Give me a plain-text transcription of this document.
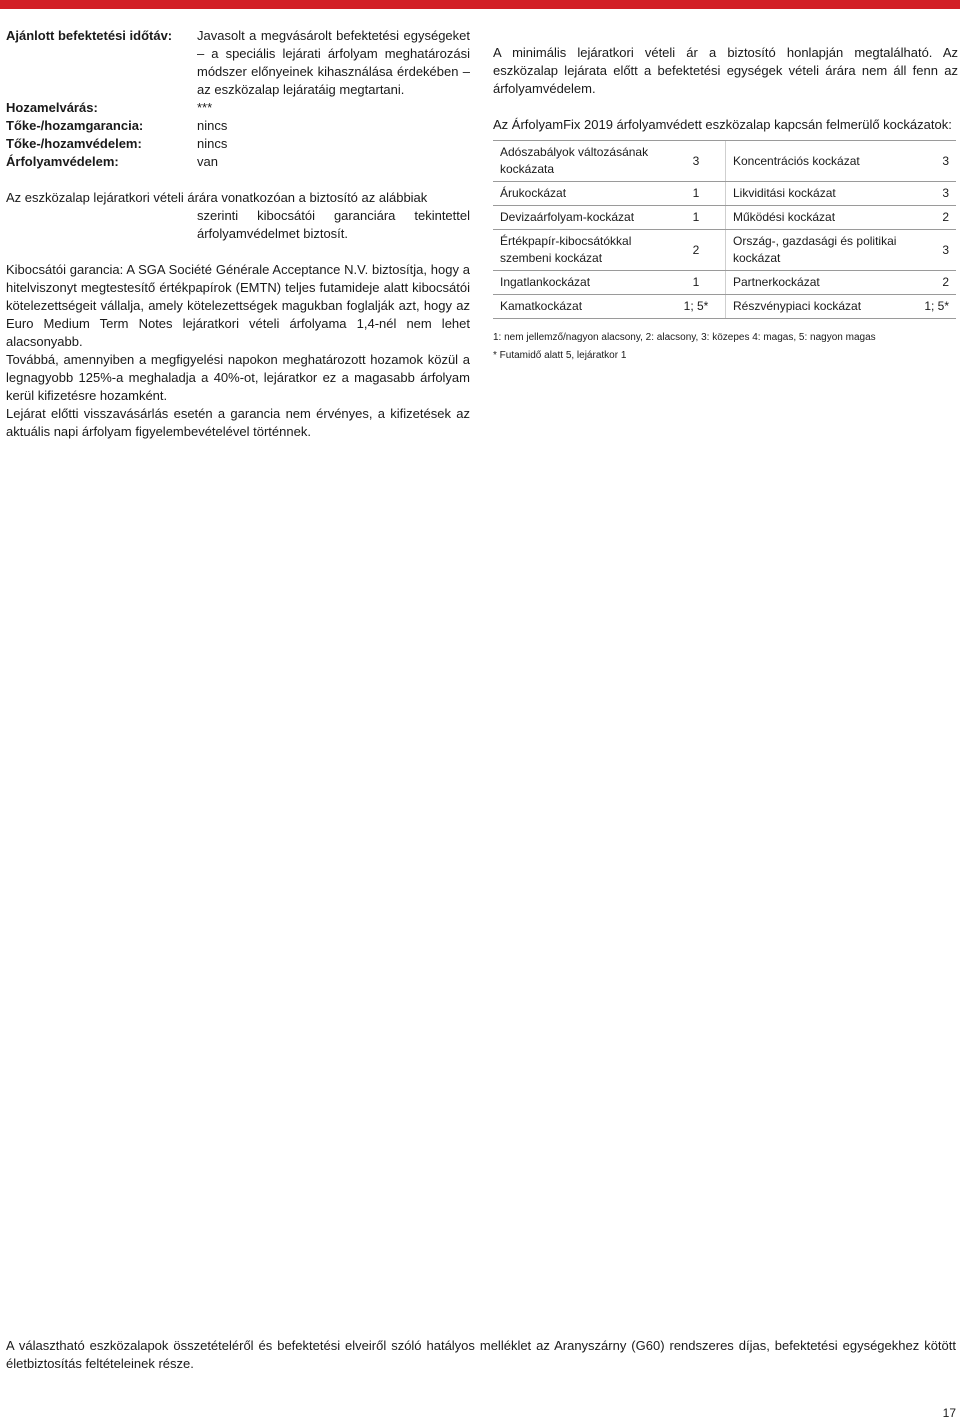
Ajánlott befektetési időtáv:	Javasolt a megvásárolt befektetési egységeket – a speciális lejárati árfolyam meghatározási módszer előnyeinek kihasználása érdekében – az eszközalap lejáratáig megtartani.
Hozamelvárás:	***
Tőke-/hozamgarancia:	nincs
Tőke-/hozamvédelem:	nincs
Árfolyamvédelem:	van
Az eszközalap lejáratkori vételi árára vonatkozóan a biztosító az alábbiak
szerinti kibocsátói garanciára tekintettel árfolyamvédelmet biztosít.

Kibocsátói garancia: A SGA Société Générale Acceptance N.V. biztosítja, hogy a hitelviszonyt megtestesítő értékpapírok (EMTN) teljes futamideje alatt kibocsátói kötelezettségeit vállalja, amely kötelezettségek magukban foglalják azt, hogy az Euro Medium Term Notes lejáratkori vételi árfolyama 1,4-nél nem lehet alacsonyabb.

Továbbá, amennyiben a megfigyelési napokon meghatározott hozamok közül a legnagyobb 125%-a meghaladja a 40%-ot, lejáratkor ez a magasabb árfolyam kerül kifizetésre hozamként.

Lejárat előtti visszavásárlás esetén a garancia nem érvényes, a kifizetések az aktuális napi árfolyam figyelembevételével történnek.

A minimális lejáratkori vételi ár a biztosító honlapján megtalálható. Az eszközalap lejárata előtt a befektetési egységek vételi árára nem áll fenn az árfolyamvédelem.

Az ÁrfolyamFix 2019 árfolyamvédett eszközalap kapcsán felmerülő kockázatok:

Adószabályok változásának kockázata	3	Koncentrációs kockázat	3
Árukockázat	1	Likviditási kockázat	3
Devizaárfolyam-kockázat	1	Működési kockázat	2
Értékpapír-kibocsátókkal szembeni kockázat	2	Ország-, gazdasági és politikai kockázat	3
Ingatlankockázat	1	Partnerkockázat	2
Kamatkockázat	1; 5*	Részvénypiaci kockázat	1; 5*
1: nem jellemző/nagyon alacsony, 2: alacsony, 3: közepes 4: magas, 5: nagyon magas
* Futamidő alatt 5, lejáratkor 1
A választható eszközalapok összetételéről és befektetési elveiről szóló hatályos melléklet az Aranyszárny (G60) rendszeres díjas, befektetési egységekhez kötött életbiztosítás feltételeinek része.
17
